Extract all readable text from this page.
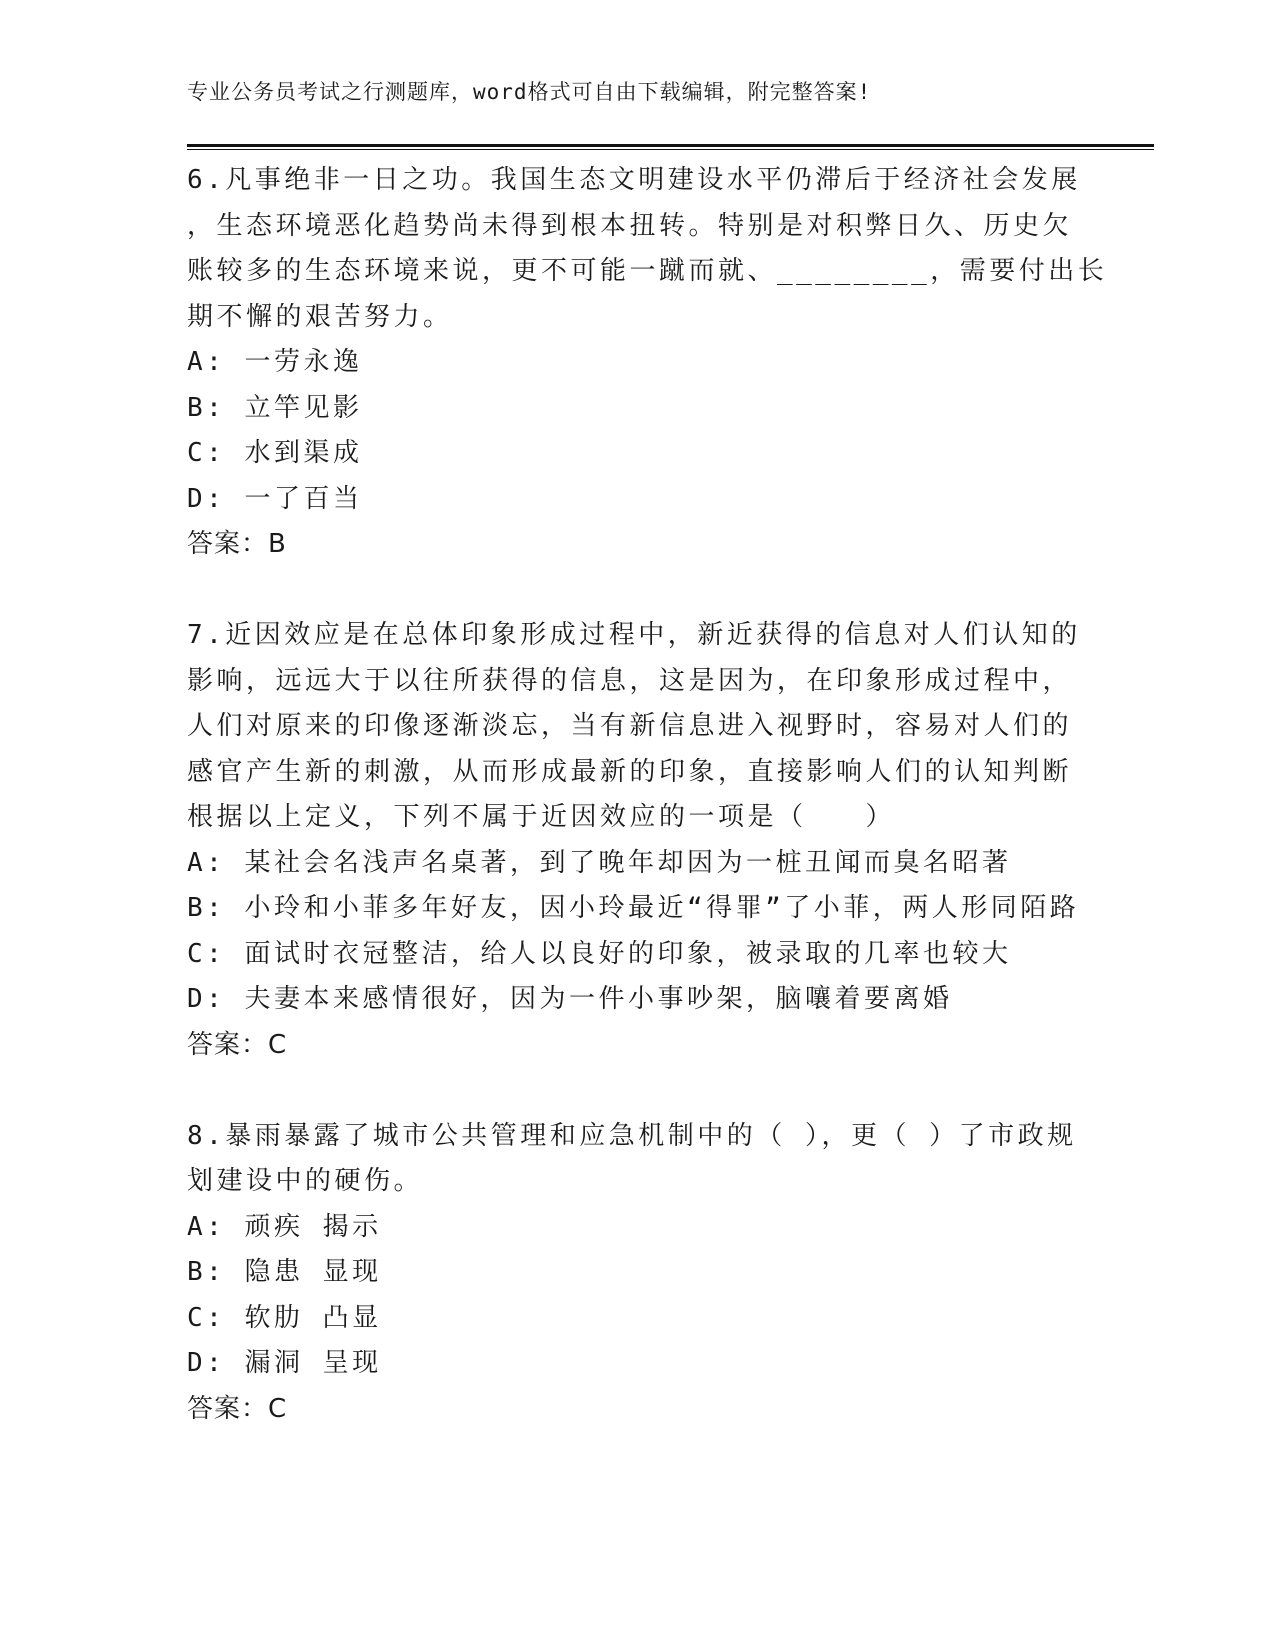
专业公务员考试之行测题库，word格式可自由下载编辑，附完整答案!
6.凡事绝非一日之功。我国生态文明建设水平仍滞后于经济社会发展
，生态环境恶化趋势尚未得到根本扭转。特别是对积弊日久、历史欠
账较多的生态环境来说，更不可能一蹴而就、________，需要付出长
期不懈的艰苦努力。
A: 一劳永逸
B: 立竿见影
C: 水到渠成
D: 一了百当
答案：B
7.近因效应是在总体印象形成过程中，新近获得的信息对人们认知的
影响，远远大于以往所获得的信息，这是因为，在印象形成过程中，
人们对原来的印像逐渐淡忘，当有新信息进入视野时，容易对人们的
感官产生新的刺激，从而形成最新的印象，直接影响人们的认知判断
根据以上定义，下列不属于近因效应的一项是（　　）
A: 某社会名浅声名桌著，到了晚年却因为一桩丑闻而臭名昭著
B: 小玲和小菲多年好友，因小玲最近“得罪”了小菲，两人形同陌路
C: 面试时衣冠整洁，给人以良好的印象，被录取的几率也较大
D: 夫妻本来感情很好，因为一件小事吵架，脑嚷着要离婚
答案：C
8.暴雨暴露了城市公共管理和应急机制中的（ ），更（ ）了市政规
划建设中的硬伤。
A: 顽疾 揭示
B: 隐患 显现
C: 软肋 凸显
D: 漏洞 呈现
答案：C
